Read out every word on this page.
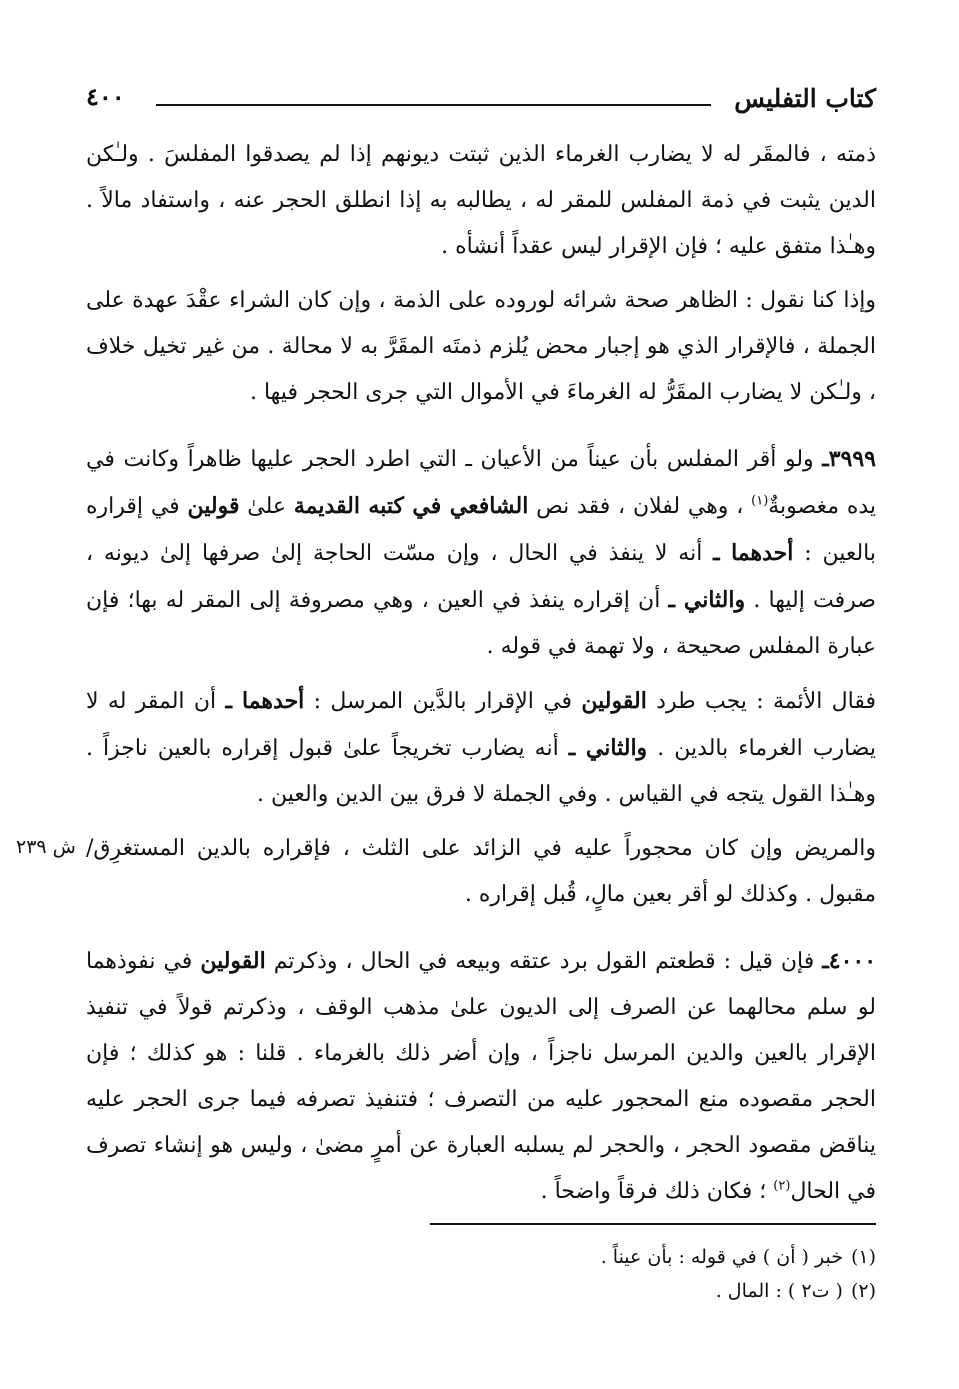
كتاب التفليس
٤٠٠
ش ٢٣٩

ذمته ، فالمقَر له لا يضارب الغرماء الذين ثبتت ديونهم إذا لم يصدقوا المفلسَ . ولـٰكن الدين يثبت في ذمة المفلس للمقر له ، يطالبه به إذا انطلق الحجر عنه ، واستفاد مالاً . وهـٰذا متفق عليه ؛ فإن الإقرار ليس عقداً أنشأه .

وإذا كنا نقول : الظاهر صحة شرائه لوروده على الذمة ، وإن كان الشراء عقْدَ عهدة على الجملة ، فالإقرار الذي هو إجبار محض يُلزم ذمتَه المقَرَّ به لا محالة . من غير تخيل خلاف ، ولـٰكن لا يضارب المقَرُّ له الغرماءَ في الأموال التي جرى الحجر فيها .

٣٩٩٩ـ ولو أقر المفلس بأن عيناً من الأعيان ـ التي اطرد الحجر عليها ظاهراً وكانت في يده مغصوبةٌ$^{(١)}$ ، وهي لفلان ، فقد نص الشافعي في كتبه القديمة علىٰ قولين في إقراره بالعين : أحدهما ـ أنه لا ينفذ في الحال ، وإن مسّت الحاجة إلىٰ صرفها إلىٰ ديونه ، صرفت إليها . والثاني ـ أن إقراره ينفذ في العين ، وهي مصروفة إلى المقر له بها؛ فإن عبارة المفلس صحيحة ، ولا تهمة في قوله .

فقال الأئمة : يجب طرد القولين في الإقرار بالدَّين المرسل : أحدهما ـ أن المقر له لا يضارب الغرماء بالدين . والثاني ـ أنه يضارب تخريجاً علىٰ قبول إقراره بالعين ناجزاً . وهـٰذا القول يتجه في القياس . وفي الجملة لا فرق بين الدين والعين .

والمريض وإن كان محجوراً عليه في الزائد على الثلث ، فإقراره بالدين المستغرِق/ مقبول . وكذلك لو أقر بعين مالٍ، قُبل إقراره .

٤٠٠٠ـ فإن قيل : قطعتم القول برد عتقه وبيعه في الحال ، وذكرتم القولين في نفوذهما لو سلم محالهما عن الصرف إلى الديون علىٰ مذهب الوقف ، وذكرتم قولاً في تنفيذ الإقرار بالعين والدين المرسل ناجزاً ، وإن أضر ذلك بالغرماء . قلنا : هو كذلك ؛ فإن الحجر مقصوده منع المحجور عليه من التصرف ؛ فتنفيذ تصرفه فيما جرى الحجر عليه يناقض مقصود الحجر ، والحجر لم يسلبه العبارة عن أمرٍ مضىٰ ، وليس هو إنشاء تصرف في الحال$^{(٢)}$ ؛ فكان ذلك فرقاً واضحاً .

(١)خبر ( أن ) في قوله : بأن عيناً .

(٢)( ت٢ ) : المال .
